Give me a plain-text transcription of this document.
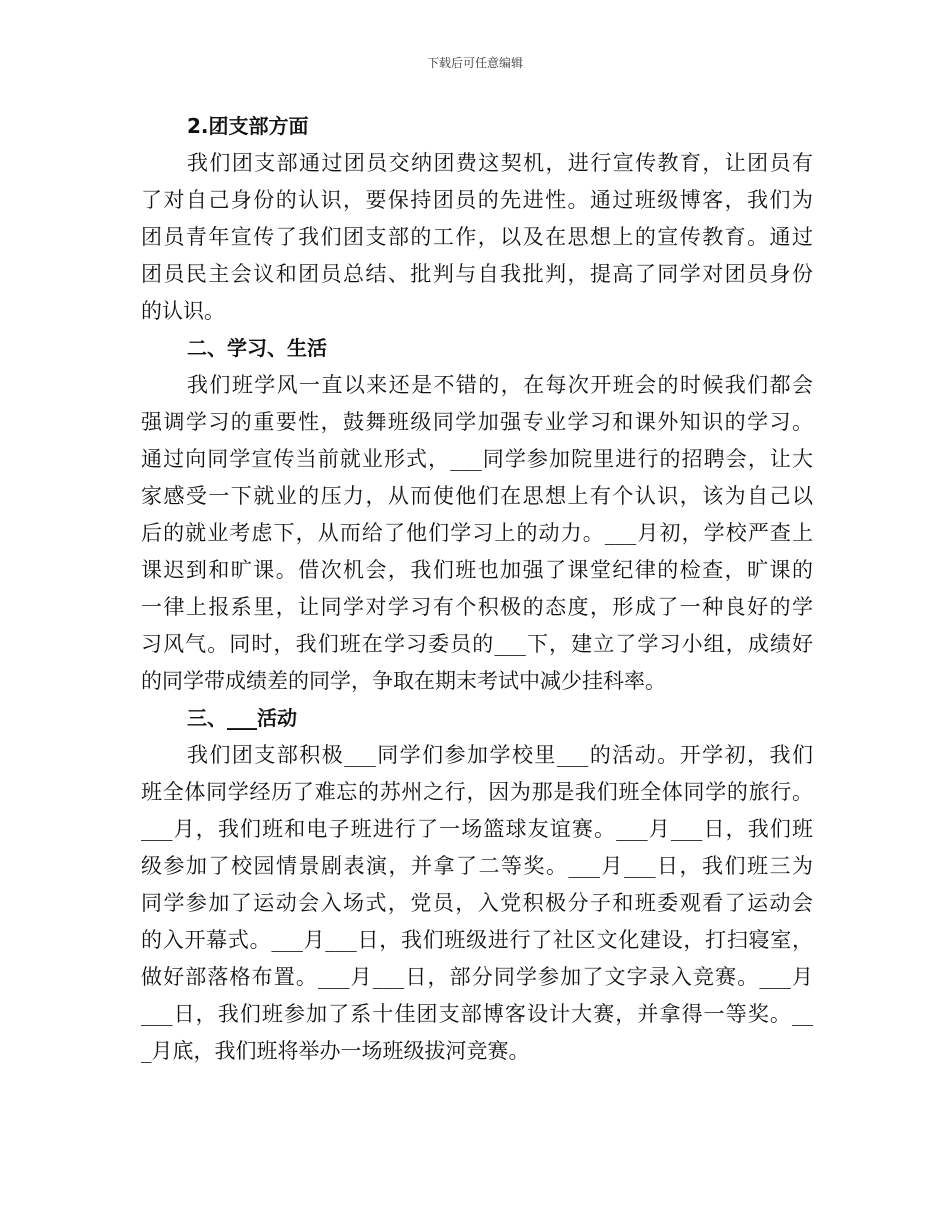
下载后可任意编辑
2.团支部方面
我们团支部通过团员交纳团费这契机，进行宣传教育，让团员有
了对自己身份的认识，要保持团员的先进性。通过班级博客，我们为
团员青年宣传了我们团支部的工作，以及在思想上的宣传教育。通过
团员民主会议和团员总结、批判与自我批判，提高了同学对团员身份
的认识。
二、学习、生活
我们班学风一直以来还是不错的，在每次开班会的时候我们都会
强调学习的重要性，鼓舞班级同学加强专业学习和课外知识的学习。
通过向同学宣传当前就业形式，___同学参加院里进行的招聘会，让大
家感受一下就业的压力，从而使他们在思想上有个认识，该为自己以
后的就业考虑下，从而给了他们学习上的动力。___月初，学校严查上
课迟到和旷课。借次机会，我们班也加强了课堂纪律的检查，旷课的
一律上报系里，让同学对学习有个积极的态度，形成了一种良好的学
习风气。同时，我们班在学习委员的___下，建立了学习小组，成绩好
的同学带成绩差的同学，争取在期末考试中减少挂科率。
三、___活动
我们团支部积极___同学们参加学校里___的活动。开学初，我们
班全体同学经历了难忘的苏州之行，因为那是我们班全体同学的旅行。
___月，我们班和电子班进行了一场篮球友谊赛。___月___日，我们班
级参加了校园情景剧表演，并拿了二等奖。___月___日，我们班三为
同学参加了运动会入场式，党员，入党积极分子和班委观看了运动会
的入开幕式。___月___日，我们班级进行了社区文化建设，打扫寝室，
做好部落格布置。___月___日，部分同学参加了文字录入竞赛。___月
___日，我们班参加了系十佳团支部博客设计大赛，并拿得一等奖。__
_月底，我们班将举办一场班级拔河竞赛。
